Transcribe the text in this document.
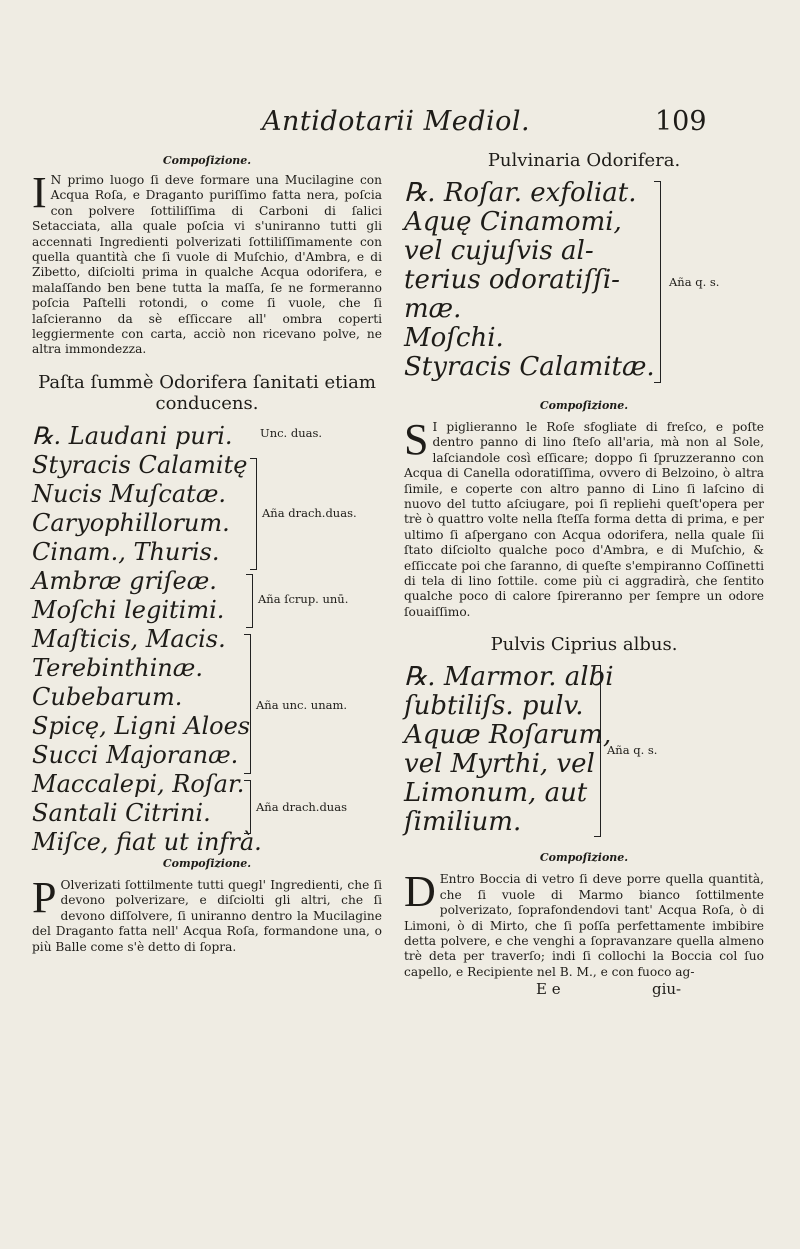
Antidotarii Mediol.	109
Compoſizione.

I N primo luogo ſi deve formare una Mucilagine con Acqua Roſa, e Draganto puriſſimo fatta nera, poſcia con polvere ſottiliſſima di Carboni di ſalici Setacciata, alla quale poſcia vi s'uniranno tutti gli accennati Ingredienti polverizati ſottiliſſimamente con quella quantità che ſi vuole di Muſchio, d'Ambra, e di Zibetto, diſciolti prima in qualche Acqua odorifera, e malaſſando ben bene tutta la maſſa, ſe ne formeranno poſcia Paſtelli rotondi, o come ſi vuole, che ſi laſcieranno da sè eſſiccare all' ombra coperti leggiermente con carta, acciò non ricevano polve, ne altra immondezza.

Paſta ſummè Odorifera ſanitati etiam
conducens.
℞. Laudani puri.
Styracis Calamitę
Nucis Muſcatæ.
Caryophillorum.
Cinam., Thuris.
Ambræ griſeæ.
Moſchi legitimi.
Maſticis, Macis.
Terebinthinæ.
Cubebarum.
Spicę, Ligni Aloes
Succi Majoranæ.
Maccalepi, Roſar.
Santali Citrini.
Miſce, fiat ut infrà.
Unc. duas.
Aña drach.duas.
Aña ſcrup. unū.
Aña unc. unam.
Aña drach.duas
Compoſizione.

P Olverizati ſottilmente tutti quegl' Ingredienti, che ſi devono polverizare, e diſciolti gli altri, che ſi devono diſſolvere, ſi uniranno dentro la Mucilagine del Draganto fatta nell' Acqua Roſa, formandone una, o più Balle come s'è detto di ſopra.

Pulvinaria Odorifera.
℞. Roſar. exfoliat.
Aquę Cinamomi,
vel cujuſvis al-
terius odoratiſſi-
mæ.
Moſchi.
Styracis Calamitæ.
Aña q. s.
Compoſizione.

S I piglieranno le Roſe sfogliate di freſco, e poſte dentro panno di lino ſteſo all'aria, mà non al Sole, laſciandole così eſſicare; doppo ſi ſpruzzeranno con Acqua di Canella odoratiſſima, ovvero di Belzoino, ò altra ſimile, e coperte con altro panno di Lino ſi laſcino di nuovo del tutto aſciugare, poi ſi repliehi queſt'opera per trè ò quattro volte nella ſteſſa forma detta di prima, e per ultimo ſi aſpergano con Acqua odorifera, nella quale ſii ſtato diſciolto qualche poco d'Ambra, e di Muſchio, & eſſiccate poi che ſaranno, di queſte s'empiranno Coſſinetti di tela di lino ſottile. come più ci aggradirà, che ſentito qualche poco di calore ſpireranno per ſempre un odore ſouaiſſimo.

Pulvis Ciprius albus.
℞. Marmor. albi
ſubtiliſs. pulv.
Aquæ Roſarum,
vel Myrthi, vel
Limonum, aut
ſimilium.
Aña q. s.
Compoſizione.

D Entro Boccia di vetro ſi deve porre quella quantità, che ſi vuole di Marmo bianco ſottilmente polverizato, ſoprafondendovi tant' Acqua Roſa, ò di Limoni, ò di Mirto, che ſi poſſa perfettamente imbibire detta polvere, e che venghi a ſopravanzare quella almeno trè deta per traverſo; indi ſi collochi la Boccia col ſuo capello, e Recipiente nel B. M., e con fuoco ag-

E e	giu-
